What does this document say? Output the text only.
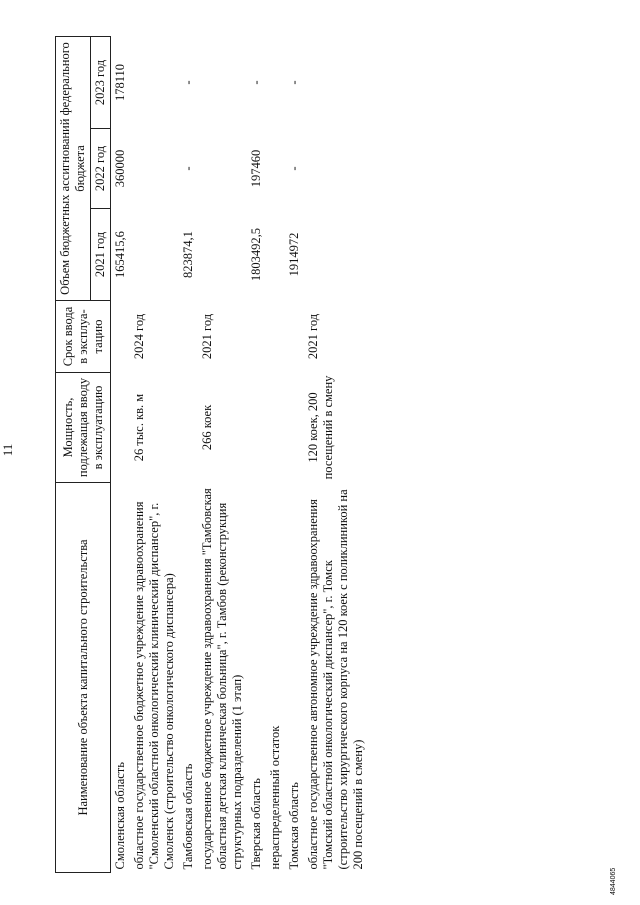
11
Наименование объекта капитального строительства	Мощность, подлежащая вводу в эксплуатацию	Срок ввода в эксплуа-тацию	Объем бюджетных ассигнований федерального бюджета		
			2021 год	2022 год	2023 год
Смоленская область			165415,6	360000	178110
областное государственное бюджетное учреждение здравоохранения "Смоленский областной онкологический клинический диспансер", г. Смоленск (строительство онкологического диспансера)	26 тыс. кв. м	2024 год			
Тамбовская область			823874,1	-	-
государственное бюджетное учреждение здравоохранения "Тамбовская областная детская клиническая больница", г. Тамбов (реконструкция структурных подразделений (1 этап)	266 коек	2021 год			
Тверская область			1803492,5	197460	-
нераспределенный остаток					
Томская область			1914972	-	-
областное государственное автономное учреждение здравоохранения "Томский областной онкологический диспансер", г. Томск (строительство хирургического корпуса на 120 коек с поликлиникой на 200 посещений в смену)	120 коек, 200 посещений в смену	2021 год			
4844065
